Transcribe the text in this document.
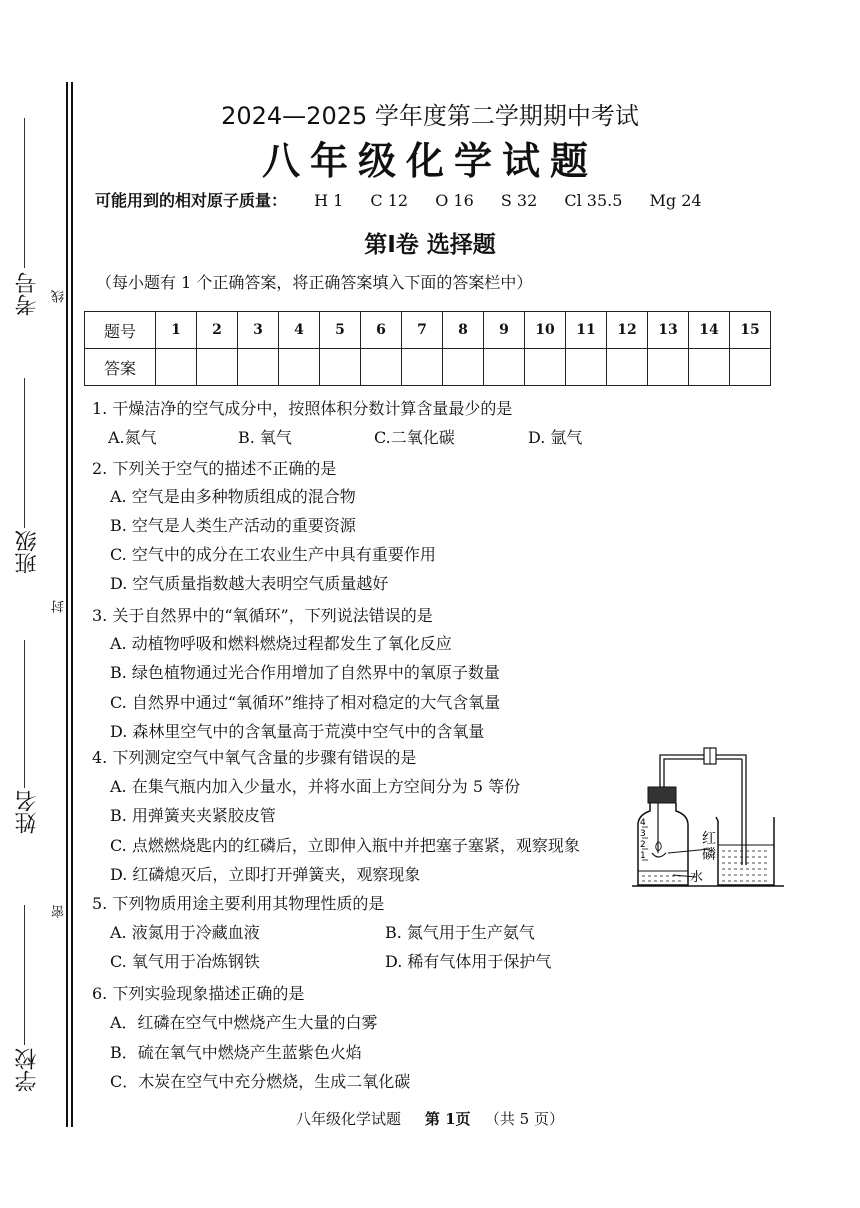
考号 线
班级
封
姓名
密
学校
2024—2025 学年度第二学期期中考试
八年级化学试题
可能用到的相对原子质量： H 1 C 12 O 16 S 32 Cl 35.5 Mg 24
第Ⅰ卷 选择题
（每小题有 1 个正确答案，将正确答案填入下面的答案栏中）
题号	1	2	3	4	5	6	7	8	9	10	11	12	13	14	15
答案															
1. 干燥洁净的空气成分中，按照体积分数计算含量最少的是
A.氮气	B. 氧气	C.二氧化碳	D. 氩气
2. 下列关于空气的描述不正确的是
A. 空气是由多种物质组成的混合物
B. 空气是人类生产活动的重要资源
C. 空气中的成分在工农业生产中具有重要作用
D. 空气质量指数越大表明空气质量越好
3. 关于自然界中的“氧循环”，下列说法错误的是
A. 动植物呼吸和燃料燃烧过程都发生了氧化反应
B. 绿色植物通过光合作用增加了自然界中的氧原子数量
C. 自然界中通过“氧循环”维持了相对稳定的大气含氧量
D. 森林里空气中的含氧量高于荒漠中空气中的含氧量
4. 下列测定空气中氧气含量的步骤有错误的是
A. 在集气瓶内加入少量水，并将水面上方空间分为 5 等份
B. 用弹簧夹夹紧胶皮管
C. 点燃燃烧匙内的红磷后，立即伸入瓶中并把塞子塞紧，观察现象
D. 红磷熄灭后，立即打开弹簧夹，观察现象
4
3
2
1
红 磷
水
5. 下列物质用途主要利用其物理性质的是
A. 液氮用于冷藏血液	B. 氮气用于生产氨气
C. 氧气用于冶炼钢铁	D. 稀有气体用于保护气
6. 下列实验现象描述正确的是
A．红磷在空气中燃烧产生大量的白雾
B．硫在氧气中燃烧产生蓝紫色火焰
C．木炭在空气中充分燃烧，生成二氧化碳
八年级化学试题 第 1页 （共 5 页）
